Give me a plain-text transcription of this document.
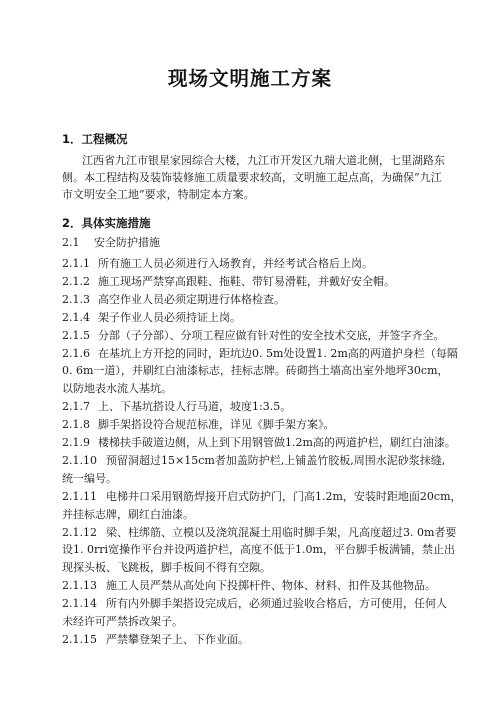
现场文明施工方案
1．工程概况
江西省九江市银星家园综合大楼，九江市开发区九瑞大道北侧，七里湖路东
侧。本工程结构及装饰装修施工质量要求较高，文明施工起点高，为确保“九江
市文明安全工地”要求，特制定本方案。
2．具体实施措施
2.1 安全防护措施
2.1.1 所有施工人员必须进行入场教育，并经考试合格后上岗。
2.1.2 施工现场严禁穿高跟鞋、拖鞋、带钉易滑鞋，并戴好安全帽。
2.1.3 高空作业人员必须定期进行体格检查。
2.1.4 架子作业人员必须持证上岗。
2.1.5 分部（子分部）、分项工程应做有针对性的安全技术交底，并签字齐全。
2.1.6 在基坑上方开挖的同时，距坑边0. 5m处设置1. 2m高的两道护身栏（每隔
0. 6m一道），并刷红白油漆标志，挂标志牌。砖砌挡土墙高出室外地坪30cm，
以防地表水流人基坑。
2.1.7 上、下基坑搭设人行马道，坡度1:3.5。
2.1.8 脚手架搭设符合规范标准，详见《脚手架方案》。
2.1.9 楼梯扶手破道边侧，从上到下用钢管做1.2m高的两道护栏，刷红白油漆。
2.1.10 预留洞超过15×15cm者加盖防护栏,上铺盖竹胶板,周围水泥砂浆抹缝,
统一编号。
2.1.11 电梯井口采用钢筋焊接开启式防护门，门高1.2m，安装时距地面20cm，
并挂标志牌，刷红白油漆。
2.1.12 梁、柱绑筋、立模以及浇筑混凝土用临时脚手架，凡高度超过3. 0m者要
设1. 0rri宽操作平台并设两道护栏，高度不低于1.0m，平台脚手板满铺，禁止出
现探头板、飞跳板，脚手板间不得有空隙。
2.1.13 施工人员严禁从高处向下投掷杆件、物体、材料、扣件及其他物品。
2.1.14 所有内外脚手架搭设完成后，必须通过验收合格后，方可使用，任何人
未经许可严禁拆改架子。
2.1.15 严禁攀登架子上、下作业面。
